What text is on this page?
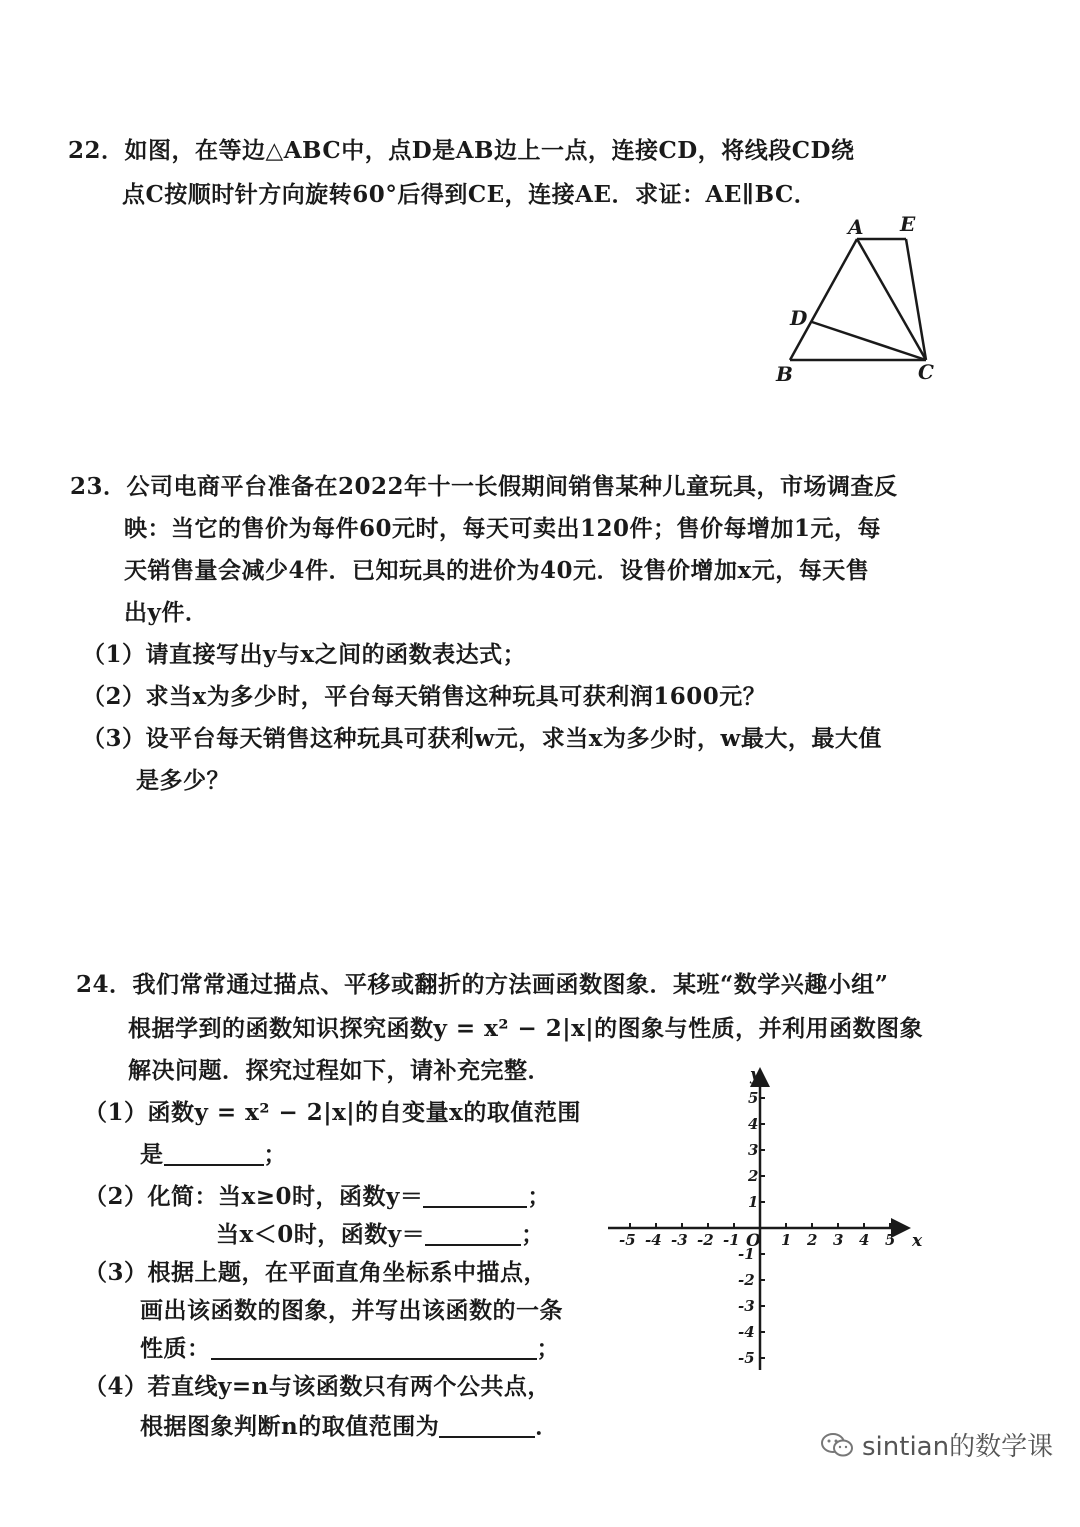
22．如图，在等边△ABC中，点D是AB边上一点，连接CD，将线段CD绕
点C按顺时针方向旋转60°后得到CE，连接AE．求证：AE∥BC．
A E
D
B	C
23．公司电商平台准备在2022年十一长假期间销售某种儿童玩具，市场调查反
映：当它的售价为每件60元时，每天可卖出120件；售价每增加1元，每
天销售量会减少4件．已知玩具的进价为40元．设售价增加x元，每天售
出y件．
（1）请直接写出y与x之间的函数表达式；
（2）求当x为多少时，平台每天销售这种玩具可获利润1600元？
（3）设平台每天销售这种玩具可获利w元，求当x为多少时，w最大，最大值
是多少？
24．我们常常通过描点、平移或翻折的方法画函数图象．某班“数学兴趣小组”
根据学到的函数知识探究函数y = x² − 2|x|的图象与性质，并利用函数图象
解决问题．探究过程如下，请补充完整．
（1）函数y = x² − 2|x|的自变量x的取值范围
是	；
（2）化简：当x≥0时，函数y＝	；
当x＜0时，函数y＝	；
（3）根据上题，在平面直角坐标系中描点，
画出该函数的图象，并写出该函数的一条
性质：	；
（4）若直线y=n与该函数只有两个公共点，
根据图象判断n的取值范围为	．
-5 -4 -3 -2 -1	1 2 3 4 5
5
4
3
2
1
-1
-2
-3
-4
-5
y
x
O
sintian的数学课
